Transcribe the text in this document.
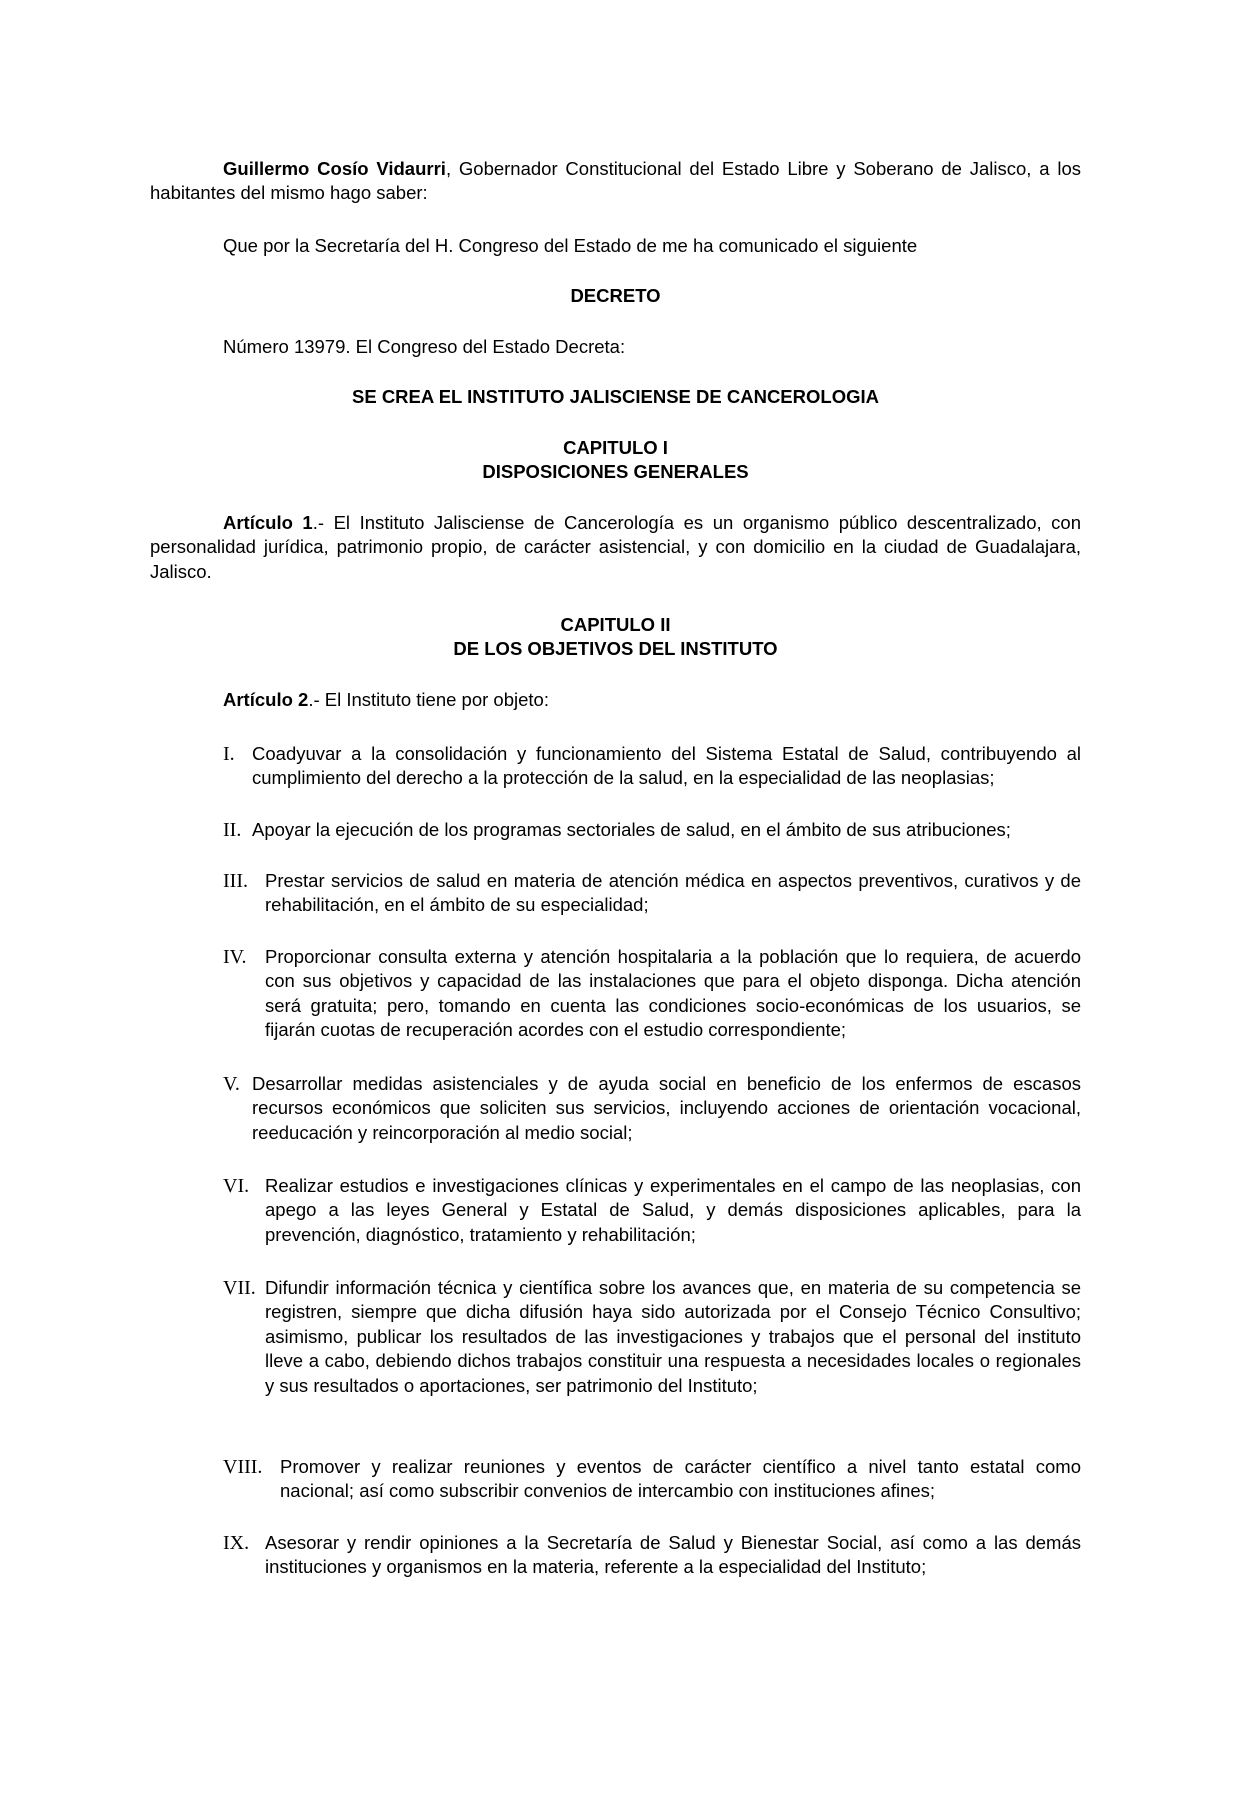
Guillermo Cosío Vidaurri, Gobernador Constitucional del Estado Libre y Soberano de Jalisco, a los habitantes del mismo hago saber:

Que por la Secretaría del H. Congreso del Estado de me ha comunicado el siguiente

DECRETO

Número 13979. El Congreso del Estado Decreta:

SE CREA EL INSTITUTO JALISCIENSE DE CANCEROLOGIA

CAPITULO I

DISPOSICIONES GENERALES

Artículo 1.- El Instituto Jalisciense de Cancerología es un organismo público descentralizado, con personalidad jurídica, patrimonio propio, de carácter asistencial, y con domicilio en la ciudad de Guadalajara, Jalisco.

CAPITULO II

DE LOS OBJETIVOS DEL INSTITUTO

Artículo 2.- El Instituto tiene por objeto:

I. Coadyuvar a la consolidación y funcionamiento del Sistema Estatal de Salud, contribuyendo al cumplimiento del derecho a la protección de la salud, en la especialidad de las neoplasias;

II. Apoyar la ejecución de los programas sectoriales de salud, en el ámbito de sus atribuciones;

III. Prestar servicios de salud en materia de atención médica en aspectos preventivos, curativos y de rehabilitación, en el ámbito de su especialidad;

IV. Proporcionar consulta externa y atención hospitalaria a la población que lo requiera, de acuerdo con sus objetivos y capacidad de las instalaciones que para el objeto disponga. Dicha atención será gratuita; pero, tomando en cuenta las condiciones socio-económicas de los usuarios, se fijarán cuotas de recuperación acordes con el estudio correspondiente;

V. Desarrollar medidas asistenciales y de ayuda social en beneficio de los enfermos de escasos recursos económicos que soliciten sus servicios, incluyendo acciones de orientación vocacional, reeducación y reincorporación al medio social;

VI. Realizar estudios e investigaciones clínicas y experimentales en el campo de las neoplasias, con apego a las leyes General y Estatal de Salud, y demás disposiciones aplicables, para la prevención, diagnóstico, tratamiento y rehabilitación;

VII. Difundir información técnica y científica sobre los avances que, en materia de su competencia se registren, siempre que dicha difusión haya sido autorizada por el Consejo Técnico Consultivo; asimismo, publicar los resultados de las investigaciones y trabajos que el personal del instituto lleve a cabo, debiendo dichos trabajos constituir una respuesta a necesidades locales o regionales y sus resultados o aportaciones, ser patrimonio del Instituto;

VIII. Promover y realizar reuniones y eventos de carácter científico a nivel tanto estatal como nacional; así como subscribir convenios de intercambio con instituciones afines;

IX. Asesorar y rendir opiniones a la Secretaría de Salud y Bienestar Social, así como a las demás instituciones y organismos en la materia, referente a la especialidad del Instituto;
